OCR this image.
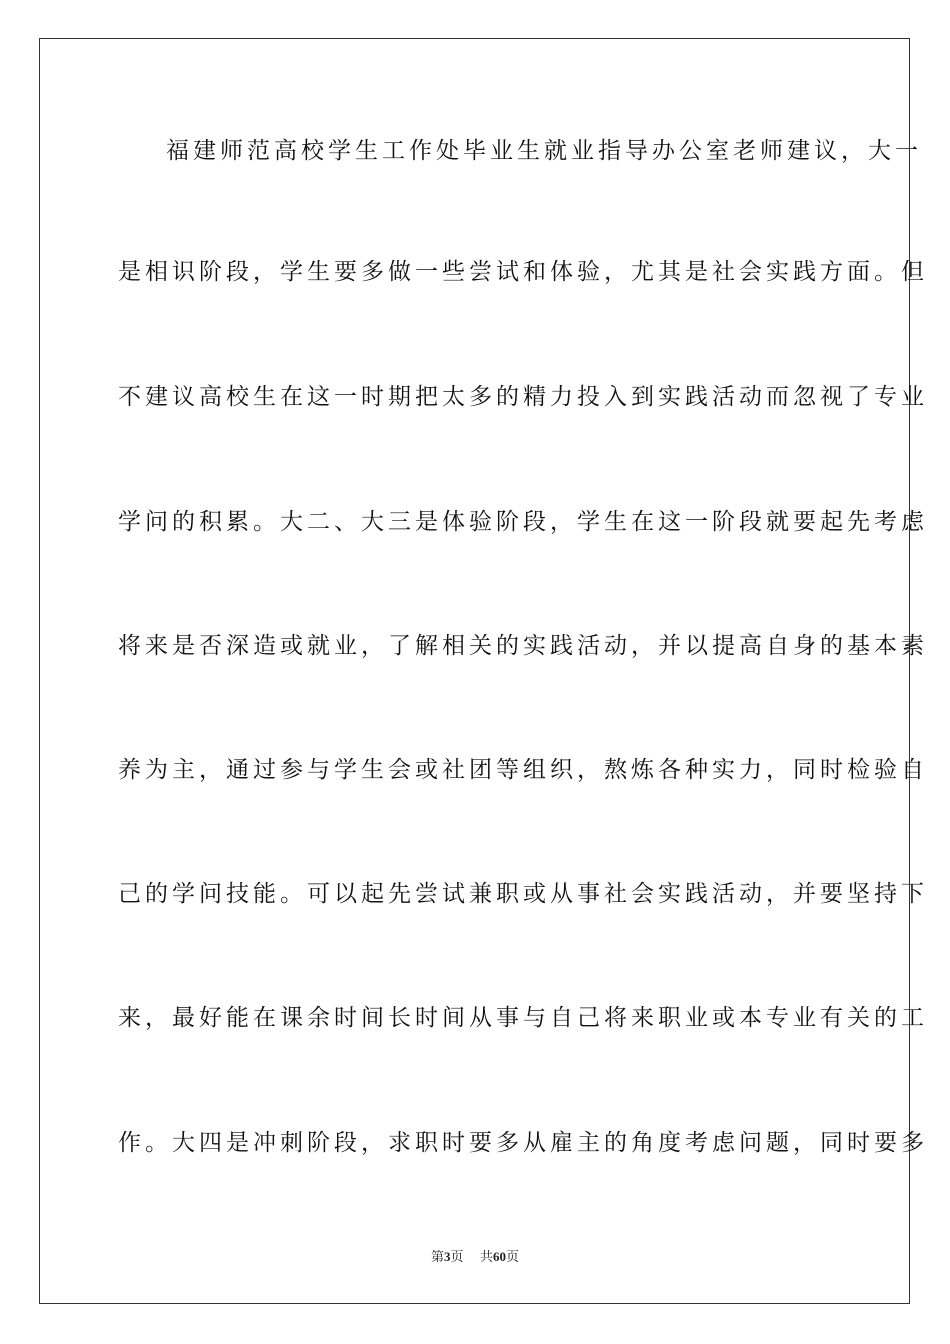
福建师范高校学生工作处毕业生就业指导办公室老师建议，大一
是相识阶段，学生要多做一些尝试和体验，尤其是社会实践方面。但
不建议高校生在这一时期把太多的精力投入到实践活动而忽视了专业
学问的积累。大二、大三是体验阶段，学生在这一阶段就要起先考虑
将来是否深造或就业，了解相关的实践活动，并以提高自身的基本素
养为主，通过参与学生会或社团等组织，熬炼各种实力，同时检验自
己的学问技能。可以起先尝试兼职或从事社会实践活动，并要坚持下
来，最好能在课余时间长时间从事与自己将来职业或本专业有关的工
作。大四是冲刺阶段，求职时要多从雇主的角度考虑问题，同时要多
第3页 共60页
